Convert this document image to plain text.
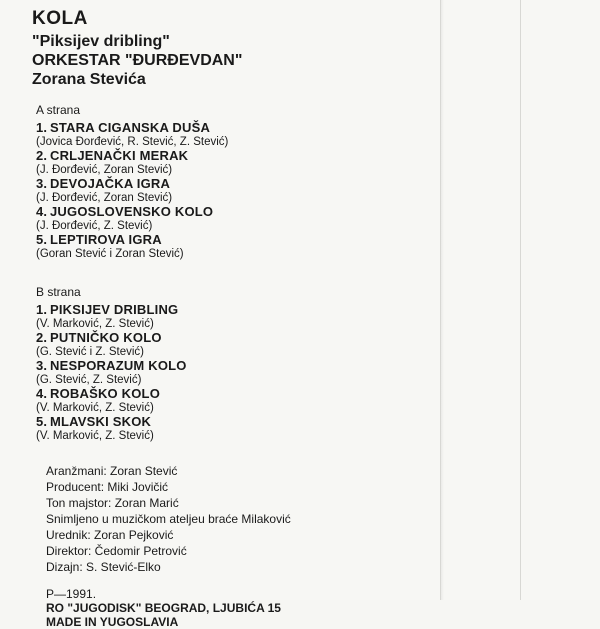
KOLA
"Piksijev dribling"
ORKESTAR "ĐURĐEVDAN"
Zorana Stevića
A strana
1. STARA CIGANSKA DUŠA
(Jovica Đorđević, R. Stević, Z. Stević)
2. CRLJENAČKI MERAK
(J. Đorđević, Zoran Stević)
3. DEVOJAČKA IGRA
(J. Đorđević, Zoran Stević)
4. JUGOSLOVENSKO KOLO
(J. Đorđević, Z. Stević)
5. LEPTIROVA IGRA
(Goran Stević i Zoran Stević)
B strana
1. PIKSIJEV DRIBLING
(V. Marković, Z. Stević)
2. PUTNIČKO KOLO
(G. Stević i Z. Stević)
3. NESPORAZUM KOLO
(G. Stević, Z. Stević)
4. ROBAŠKO KOLO
(V. Marković, Z. Stević)
5. MLAVSKI SKOK
(V. Marković, Z. Stević)
Aranžmani: Zoran Stević
Producent: Miki Jovičić
Ton majstor: Zoran Marić
Snimljeno u muzičkom ateljeu braće Milaković
Urednik: Zoran Pejković
Direktor: Čedomir Petrović
Dizajn: S. Stević-Elko
P—1991.
RO "JUGODISK" BEOGRAD, LJUBIĆA 15
MADE IN YUGOSLAVIA
